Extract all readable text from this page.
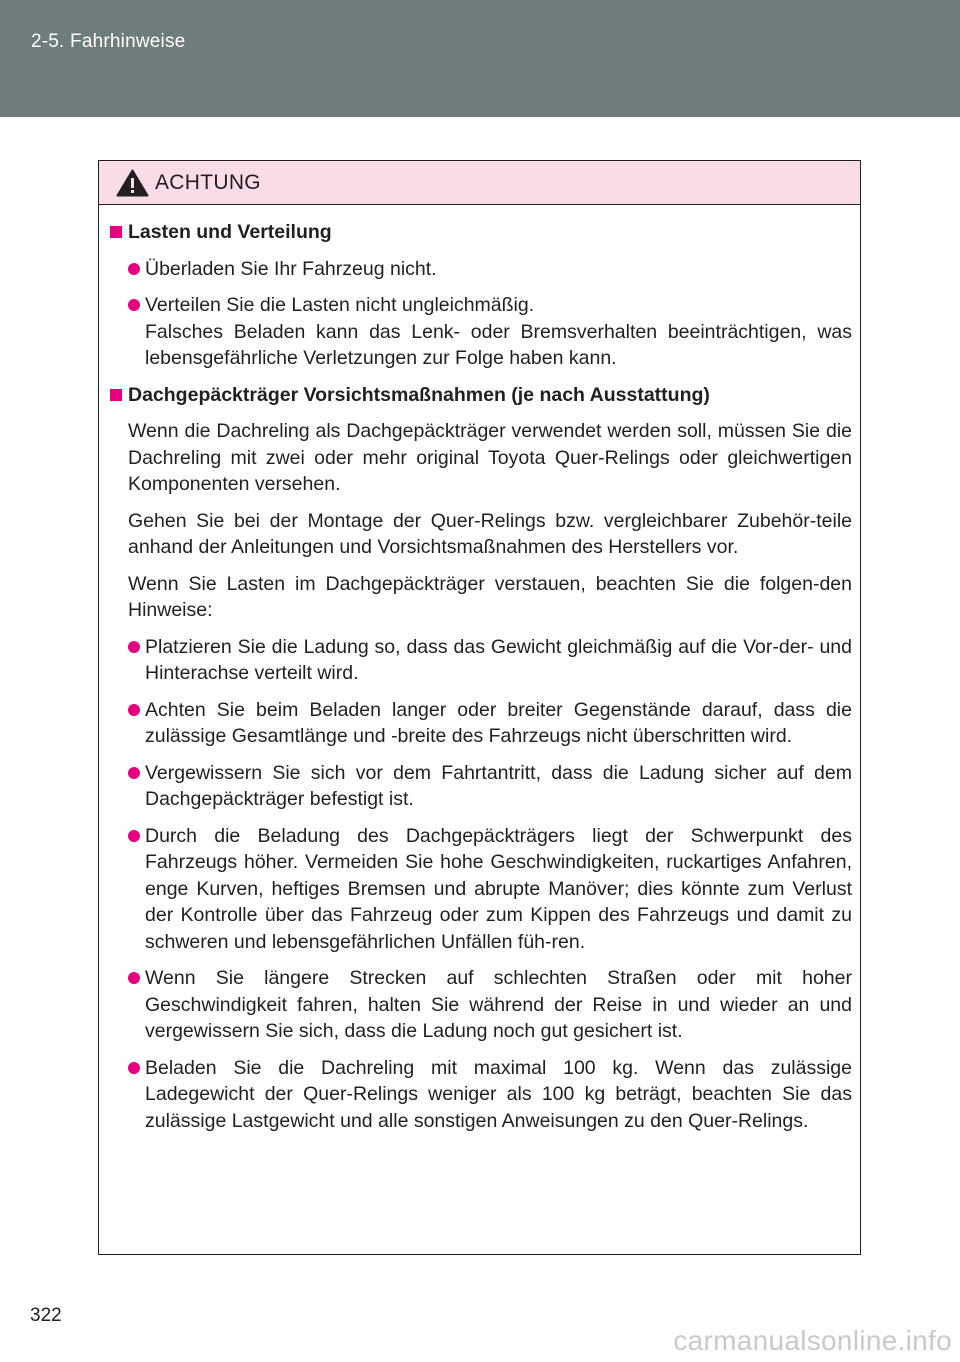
2-5. Fahrhinweise
ACHTUNG
Lasten und Verteilung
Überladen Sie Ihr Fahrzeug nicht.
Verteilen Sie die Lasten nicht ungleichmäßig.
Falsches Beladen kann das Lenk- oder Bremsverhalten beeinträchtigen, was lebensgefährliche Verletzungen zur Folge haben kann.
Dachgepäckträger Vorsichtsmaßnahmen (je nach Ausstattung)
Wenn die Dachreling als Dachgepäckträger verwendet werden soll, müssen Sie die Dachreling mit zwei oder mehr original Toyota Quer-Relings oder gleichwertigen Komponenten versehen.
Gehen Sie bei der Montage der Quer-Relings bzw. vergleichbarer Zubehör-teile anhand der Anleitungen und Vorsichtsmaßnahmen des Herstellers vor.
Wenn Sie Lasten im Dachgepäckträger verstauen, beachten Sie die folgen-den Hinweise:
Platzieren Sie die Ladung so, dass das Gewicht gleichmäßig auf die Vor-der- und Hinterachse verteilt wird.
Achten Sie beim Beladen langer oder breiter Gegenstände darauf, dass die zulässige Gesamtlänge und -breite des Fahrzeugs nicht überschritten wird.
Vergewissern Sie sich vor dem Fahrtantritt, dass die Ladung sicher auf dem Dachgepäckträger befestigt ist.
Durch die Beladung des Dachgepäckträgers liegt der Schwerpunkt des Fahrzeugs höher. Vermeiden Sie hohe Geschwindigkeiten, ruckartiges Anfahren, enge Kurven, heftiges Bremsen und abrupte Manöver; dies könnte zum Verlust der Kontrolle über das Fahrzeug oder zum Kippen des Fahrzeugs und damit zu schweren und lebensgefährlichen Unfällen füh-ren.
Wenn Sie längere Strecken auf schlechten Straßen oder mit hoher Geschwindigkeit fahren, halten Sie während der Reise in und wieder an und vergewissern Sie sich, dass die Ladung noch gut gesichert ist.
Beladen Sie die Dachreling mit maximal 100 kg. Wenn das zulässige Ladegewicht der Quer-Relings weniger als 100 kg beträgt, beachten Sie das zulässige Lastgewicht und alle sonstigen Anweisungen zu den Quer-Relings.
322
carmanualsonline.info
